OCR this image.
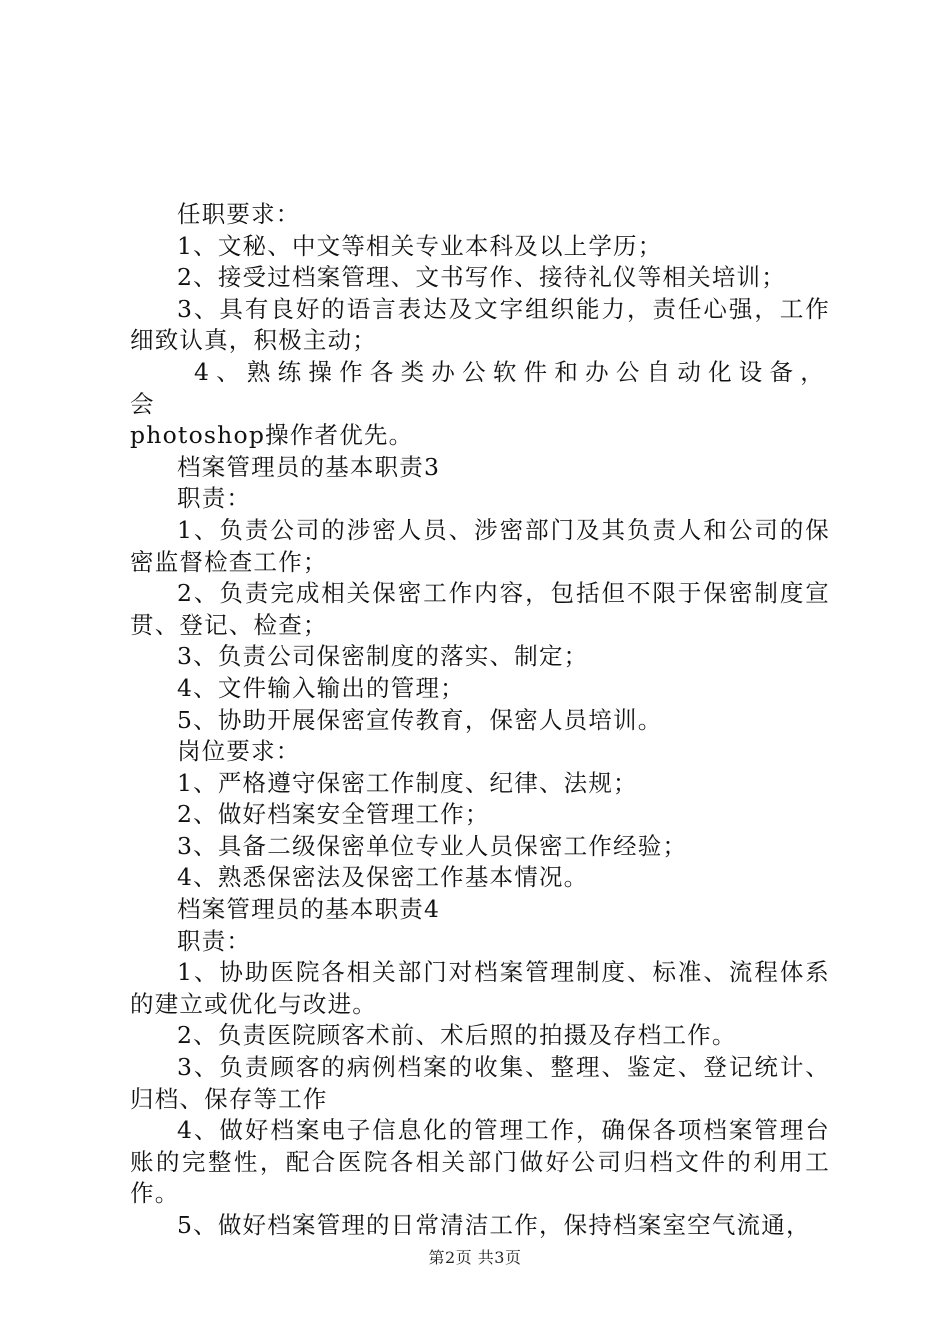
任职要求：

1、文秘、中文等相关专业本科及以上学历；

2、接受过档案管理、文书写作、接待礼仪等相关培训；

3、具有良好的语言表达及文字组织能力，责任心强，工作细致认真，积极主动；

4、熟练操作各类办公软件和办公自动化设备，会

photoshop操作者优先。

档案管理员的基本职责3

职责：

1、负责公司的涉密人员、涉密部门及其负责人和公司的保密监督检查工作；

2、负责完成相关保密工作内容，包括但不限于保密制度宣贯、登记、检查；

3、负责公司保密制度的落实、制定；

4、文件输入输出的管理；

5、协助开展保密宣传教育，保密人员培训。

岗位要求：

1、严格遵守保密工作制度、纪律、法规；

2、做好档案安全管理工作；

3、具备二级保密单位专业人员保密工作经验；

4、熟悉保密法及保密工作基本情况。

档案管理员的基本职责4

职责：

1、协助医院各相关部门对档案管理制度、标准、流程体系的建立或优化与改进。

2、负责医院顾客术前、术后照的拍摄及存档工作。

3、负责顾客的病例档案的收集、整理、鉴定、登记统计、归档、保存等工作

4、做好档案电子信息化的管理工作，确保各项档案管理台账的完整性，配合医院各相关部门做好公司归档文件的利用工作。

5、做好档案管理的日常清洁工作，保持档案室空气流通，

第2页 共3页
